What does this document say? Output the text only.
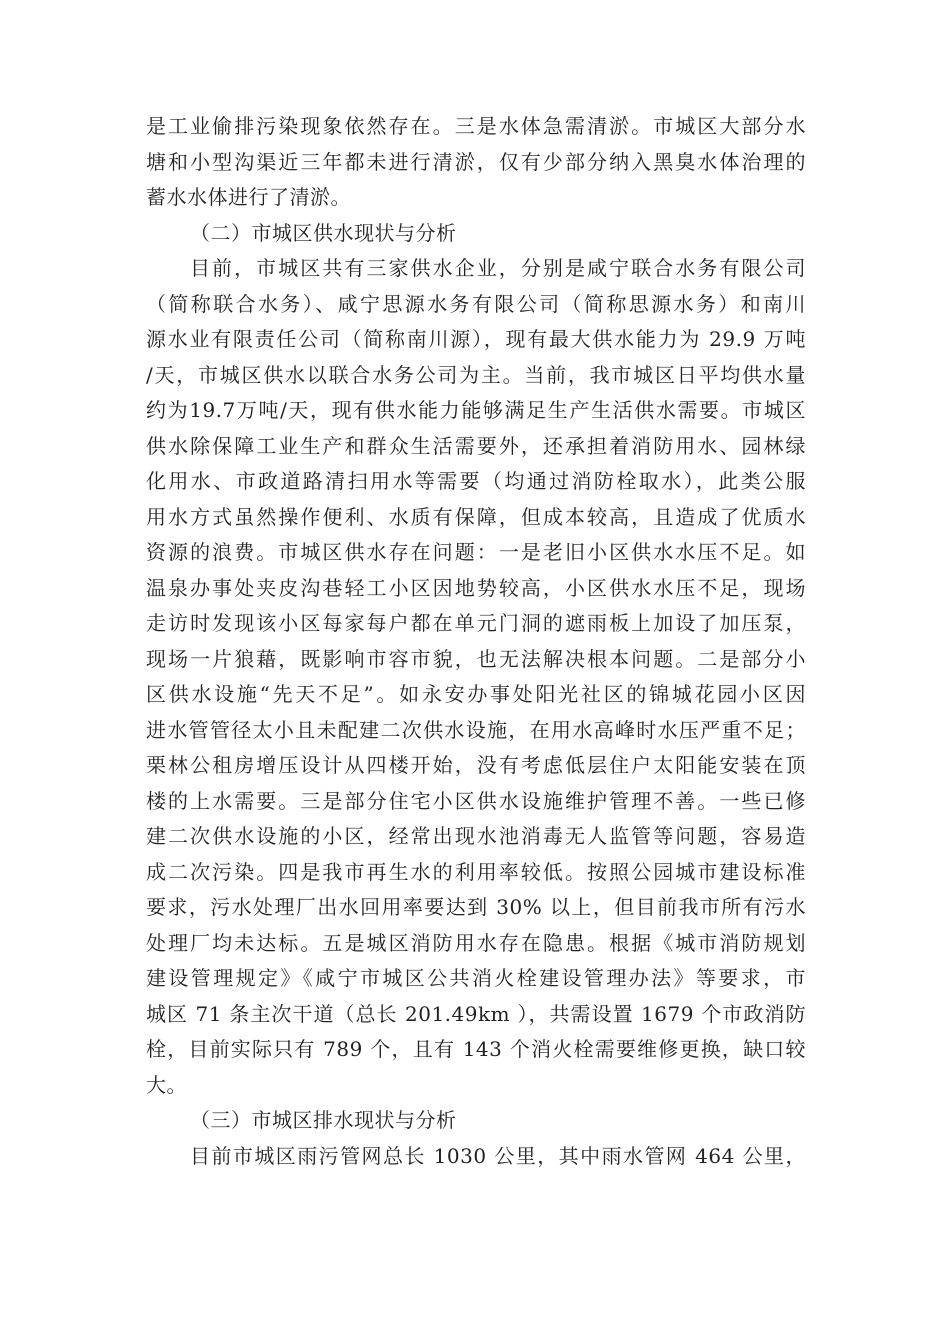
是工业偷排污染现象依然存在。三是水体急需清淤。市城区大部分水
塘和小型沟渠近三年都未进行清淤，仅有少部分纳入黑臭水体治理的
蓄水水体进行了清淤。
（二）市城区供水现状与分析
目前，市城区共有三家供水企业，分别是咸宁联合水务有限公司
（简称联合水务）、咸宁思源水务有限公司（简称思源水务）和南川
源水业有限责任公司（简称南川源），现有最大供水能力为 29.9 万吨
/天，市城区供水以联合水务公司为主。当前，我市城区日平均供水量
约为19.7万吨/天，现有供水能力能够满足生产生活供水需要。市城区
供水除保障工业生产和群众生活需要外，还承担着消防用水、园林绿
化用水、市政道路清扫用水等需要（均通过消防栓取水），此类公服
用水方式虽然操作便利、水质有保障，但成本较高，且造成了优质水
资源的浪费。市城区供水存在问题：一是老旧小区供水水压不足。如
温泉办事处夹皮沟巷轻工小区因地势较高，小区供水水压不足，现场
走访时发现该小区每家每户都在单元门洞的遮雨板上加设了加压泵，
现场一片狼藉，既影响市容市貌，也无法解决根本问题。二是部分小
区供水设施“先天不足”。如永安办事处阳光社区的锦城花园小区因
进水管管径太小且未配建二次供水设施，在用水高峰时水压严重不足；
栗林公租房增压设计从四楼开始，没有考虑低层住户太阳能安装在顶
楼的上水需要。三是部分住宅小区供水设施维护管理不善。一些已修
建二次供水设施的小区，经常出现水池消毒无人监管等问题，容易造
成二次污染。四是我市再生水的利用率较低。按照公园城市建设标准
要求，污水处理厂出水回用率要达到 30% 以上，但目前我市所有污水
处理厂均未达标。五是城区消防用水存在隐患。根据《城市消防规划
建设管理规定》《咸宁市城区公共消火栓建设管理办法》等要求，市
城区 71 条主次干道（总长 201.49km ），共需设置 1679 个市政消防
栓，目前实际只有 789 个，且有 143 个消火栓需要维修更换，缺口较
大。
（三）市城区排水现状与分析
目前市城区雨污管网总长 1030 公里，其中雨水管网 464 公里，
